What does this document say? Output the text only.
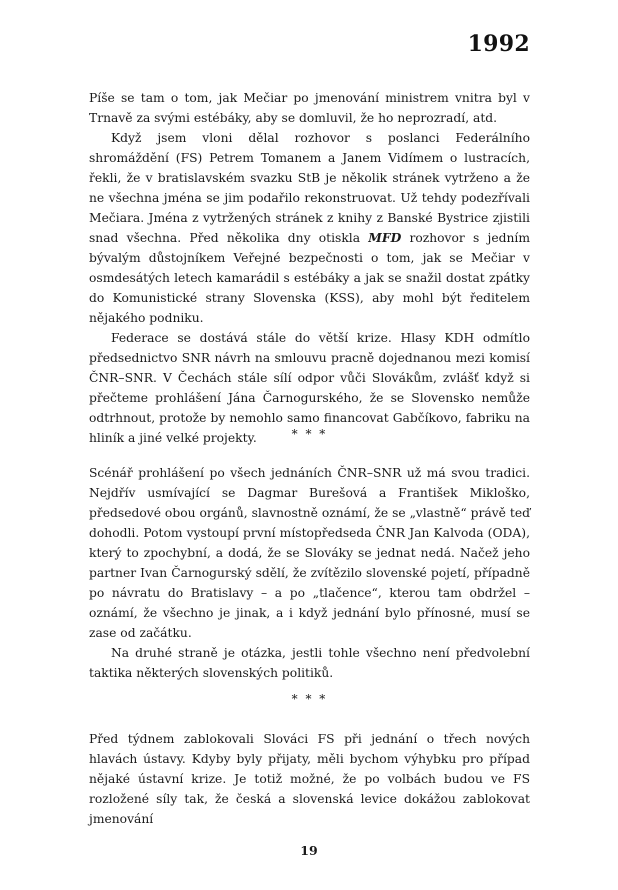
1992

Píše se tam o tom, jak Mečiar po jmenování ministrem vnitra byl v Trnavě za svými estébáky, aby se domluvil, že ho neprozradí, atd.

Když jsem vloni dělal rozhovor s poslanci Federálního shromáždění (FS) Petrem Tomanem a Janem Vidímem o lustracích, řekli, že v bratislavském svazku StB je několik stránek vytrženo a že ne všechna jména se jim podařilo rekonstruovat. Už tehdy podezřívali Mečiara. Jména z vytržených stránek z knihy z Banské Bystrice zjistili snad všechna. Před několika dny otiskla MFD rozhovor s jedním bývalým důstojníkem Veřejné bezpečnosti o tom, jak se Mečiar v osmdesátých letech kamarádil s estébáky a jak se snažil dostat zpátky do Komunistické strany Slovenska (KSS), aby mohl být ředitelem nějakého podniku.

Federace se dostává stále do větší krize. Hlasy KDH odmítlo předsednictvo SNR návrh na smlouvu pracně dojednanou mezi komisí ČNR–SNR. V Čechách stále sílí odpor vůči Slovákům, zvlášť když si přečteme prohlášení Jána Čarnogurského, že se Slovensko nemůže odtrhnout, protože by nemohlo samo financovat Gabčíkovo, fabriku na hliník a jiné velké projekty.	* * *

Scénář prohlášení po všech jednáních ČNR–SNR už má svou tradici. Nejdřív usmívající se Dagmar Burešová a František Mikloško, předsedové obou orgánů, slavnostně oznámí, že se „vlastně“ právě teď dohodli. Potom vystoupí první místopředseda ČNR Jan Kalvoda (ODA), který to zpochybní, a dodá, že se Slováky se jednat nedá. Načež jeho partner Ivan Čarnogurský sdělí, že zvítězilo slovenské pojetí, případně po návratu do Bratislavy – a po „tlačence“, kterou tam obdržel – oznámí, že všechno je jinak, a i když jednání bylo přínosné, musí se zase od začátku.

Na druhé straně je otázka, jestli tohle všechno není předvolební taktika některých slovenských politiků.

* * *

Před týdnem zablokovali Slováci FS při jednání o třech nových hlavách ústavy. Kdyby byly přijaty, měli bychom výhybku pro případ nějaké ústavní krize. Je totiž možné, že po volbách budou ve FS rozložené síly tak, že česká a slovenská levice dokážou zablokovat jmenování

19
